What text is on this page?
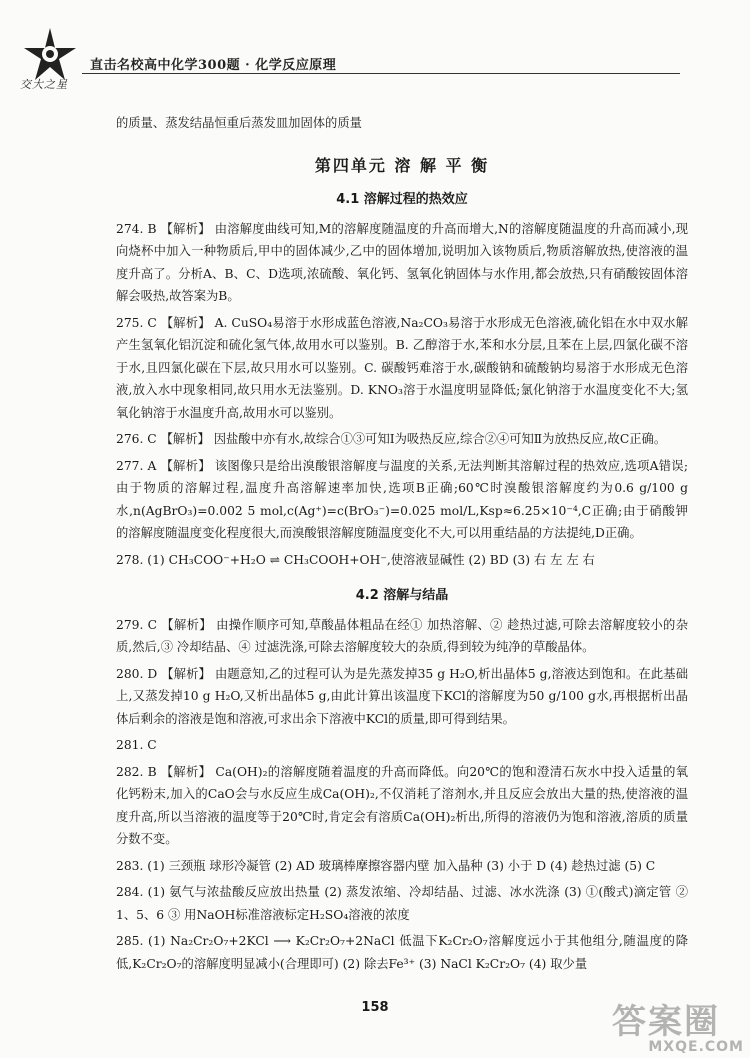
交大之星
直击名校高中化学300题 · 化学反应原理

的质量、蒸发结晶恒重后蒸发皿加固体的质量

第四单元 溶 解 平 衡
4.1 溶解过程的热效应

274. B 【解析】 由溶解度曲线可知,M的溶解度随温度的升高而增大,N的溶解度随温度的升高而减小,现向烧杯中加入一种物质后,甲中的固体减少,乙中的固体增加,说明加入该物质后,物质溶解放热,使溶液的温度升高了。分析A、B、C、D选项,浓硫酸、氧化钙、氢氧化钠固体与水作用,都会放热,只有硝酸铵固体溶解会吸热,故答案为B。

275. C 【解析】 A. CuSO₄易溶于水形成蓝色溶液,Na₂CO₃易溶于水形成无色溶液,硫化铝在水中双水解产生氢氧化铝沉淀和硫化氢气体,故用水可以鉴别。B. 乙醇溶于水,苯和水分层,且苯在上层,四氯化碳不溶于水,且四氯化碳在下层,故只用水可以鉴别。C. 碳酸钙难溶于水,碳酸钠和硫酸钠均易溶于水形成无色溶液,放入水中现象相同,故只用水无法鉴别。D. KNO₃溶于水温度明显降低;氯化钠溶于水温度变化不大;氢氧化钠溶于水温度升高,故用水可以鉴别。

276. C 【解析】 因盐酸中亦有水,故综合①③可知Ⅰ为吸热反应,综合②④可知Ⅱ为放热反应,故C正确。

277. A 【解析】 该图像只是给出溴酸银溶解度与温度的关系,无法判断其溶解过程的热效应,选项A错误;由于物质的溶解过程,温度升高溶解速率加快,选项B正确;60℃时溴酸银溶解度约为0.6 g/100 g水,n(AgBrO₃)=0.002 5 mol,c(Ag⁺)=c(BrO₃⁻)=0.025 mol/L,Ksp≈6.25×10⁻⁴,C正确;由于硝酸钾的溶解度随温度变化程度很大,而溴酸银溶解度随温度变化不大,可以用重结晶的方法提纯,D正确。

278. (1) CH₃COO⁻+H₂O ⇌ CH₃COOH+OH⁻,使溶液显碱性 (2) BD (3) 右 左 左 右

4.2 溶解与结晶

279. C 【解析】 由操作顺序可知,草酸晶体粗品在经① 加热溶解、② 趁热过滤,可除去溶解度较小的杂质,然后,③ 冷却结晶、④ 过滤洗涤,可除去溶解度较大的杂质,得到较为纯净的草酸晶体。

280. D 【解析】 由题意知,乙的过程可认为是先蒸发掉35 g H₂O,析出晶体5 g,溶液达到饱和。在此基础上,又蒸发掉10 g H₂O,又析出晶体5 g,由此计算出该温度下KCl的溶解度为50 g/100 g水,再根据析出晶体后剩余的溶液是饱和溶液,可求出余下溶液中KCl的质量,即可得到结果。

281. C

282. B 【解析】 Ca(OH)₂的溶解度随着温度的升高而降低。向20℃的饱和澄清石灰水中投入适量的氧化钙粉末,加入的CaO会与水反应生成Ca(OH)₂,不仅消耗了溶剂水,并且反应会放出大量的热,使溶液的温度升高,所以当溶液的温度等于20℃时,肯定会有溶质Ca(OH)₂析出,所得的溶液仍为饱和溶液,溶质的质量分数不变。

283. (1) 三颈瓶 球形冷凝管 (2) AD 玻璃棒摩擦容器内壁 加入晶种 (3) 小于 D (4) 趁热过滤 (5) C

284. (1) 氨气与浓盐酸反应放出热量 (2) 蒸发浓缩、冷却结晶、过滤、冰水洗涤 (3) ①(酸式)滴定管 ② 1、5、6 ③ 用NaOH标准溶液标定H₂SO₄溶液的浓度

285. (1) Na₂Cr₂O₇+2KCl ⟶ K₂Cr₂O₇+2NaCl 低温下K₂Cr₂O₇溶解度远小于其他组分,随温度的降低,K₂Cr₂O₇的溶解度明显减小(合理即可) (2) 除去Fe³⁺ (3) NaCl K₂Cr₂O₇ (4) 取少量

158	答案圈
MXQE.COM
